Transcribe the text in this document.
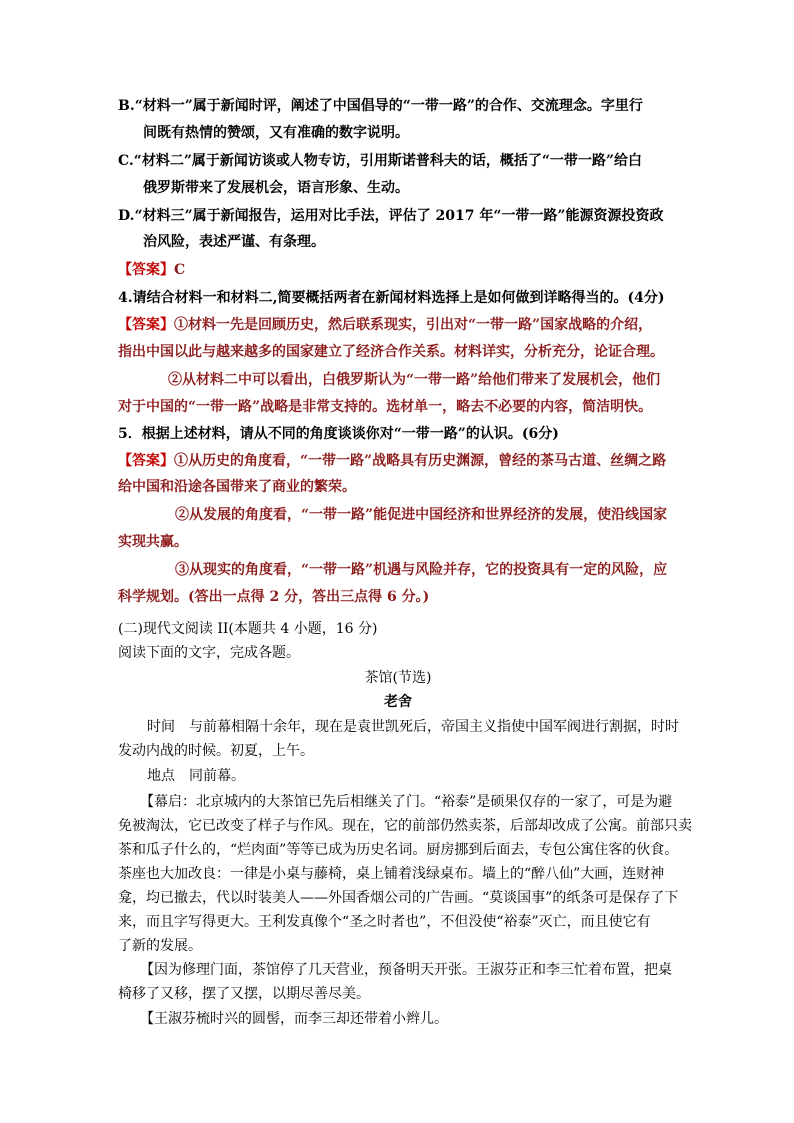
B.“材料一”属于新闻时评，阐述了中国倡导的“一带一路”的合作、交流理念。字里行
间既有热情的赞颂，又有准确的数字说明。
C.“材料二”属于新闻访谈或人物专访，引用斯诺普科夫的话，概括了“一带一路”给白
俄罗斯带来了发展机会，语言形象、生动。
D.“材料三”属于新闻报告，运用对比手法，评估了 2017 年“一带一路”能源资源投资政
治风险，表述严谨、有条理。
【答案】C
4.请结合材料一和材料二,简要概括两者在新闻材料选择上是如何做到详略得当的。(4分)
【答案】①材料一先是回顾历史，然后联系现实，引出对“一带一路”国家战略的介绍，
指出中国以此与越来越多的国家建立了经济合作关系。材料详实，分析充分，论证合理。
②从材料二中可以看出，白俄罗斯认为“一带一路”给他们带来了发展机会，他们
对于中国的“一带一路”战略是非常支持的。选材单一，略去不必要的内容，简洁明快。
5．根据上述材料，请从不同的角度谈谈你对“一带一路”的认识。(6分)
【答案】①从历史的角度看，“一带一路”战略具有历史渊源，曾经的茶马古道、丝绸之路
给中国和沿途各国带来了商业的繁荣。
②从发展的角度看，“一带一路”能促进中国经济和世界经济的发展，使沿线国家
实现共赢。
③从现实的角度看，“一带一路”机遇与风险并存，它的投资具有一定的风险，应
科学规划。(答出一点得 2 分，答出三点得 6 分。)
(二)现代文阅读 II(本题共 4 小题，16 分)
阅读下面的文字，完成各题。
茶馆(节选)
老舍
时间　与前幕相隔十余年，现在是袁世凯死后，帝国主义指使中国军阀进行割据，时时
发动内战的时候。初夏，上午。
地点　同前幕。
【幕启：北京城内的大茶馆已先后相继关了门。“裕泰”是硕果仅存的一家了，可是为避
免被淘汰，它已改变了样子与作风。现在，它的前部仍然卖茶，后部却改成了公寓。前部只卖
茶和瓜子什么的，“烂肉面”等等已成为历史名词。厨房挪到后面去，专包公寓住客的伙食。
茶座也大加改良：一律是小桌与藤椅，桌上铺着浅绿桌布。墙上的“醉八仙”大画，连财神
龛，均已撤去，代以时装美人——外国香烟公司的广告画。“莫谈国事”的纸条可是保存了下
来，而且字写得更大。王利发真像个“圣之时者也”，不但没使“裕泰”灭亡，而且使它有
了新的发展。
【因为修理门面，茶馆停了几天营业，预备明天开张。王淑芬正和李三忙着布置，把桌
椅移了又移，摆了又摆，以期尽善尽美。
【王淑芬梳时兴的圆髻，而李三却还带着小辫儿。
